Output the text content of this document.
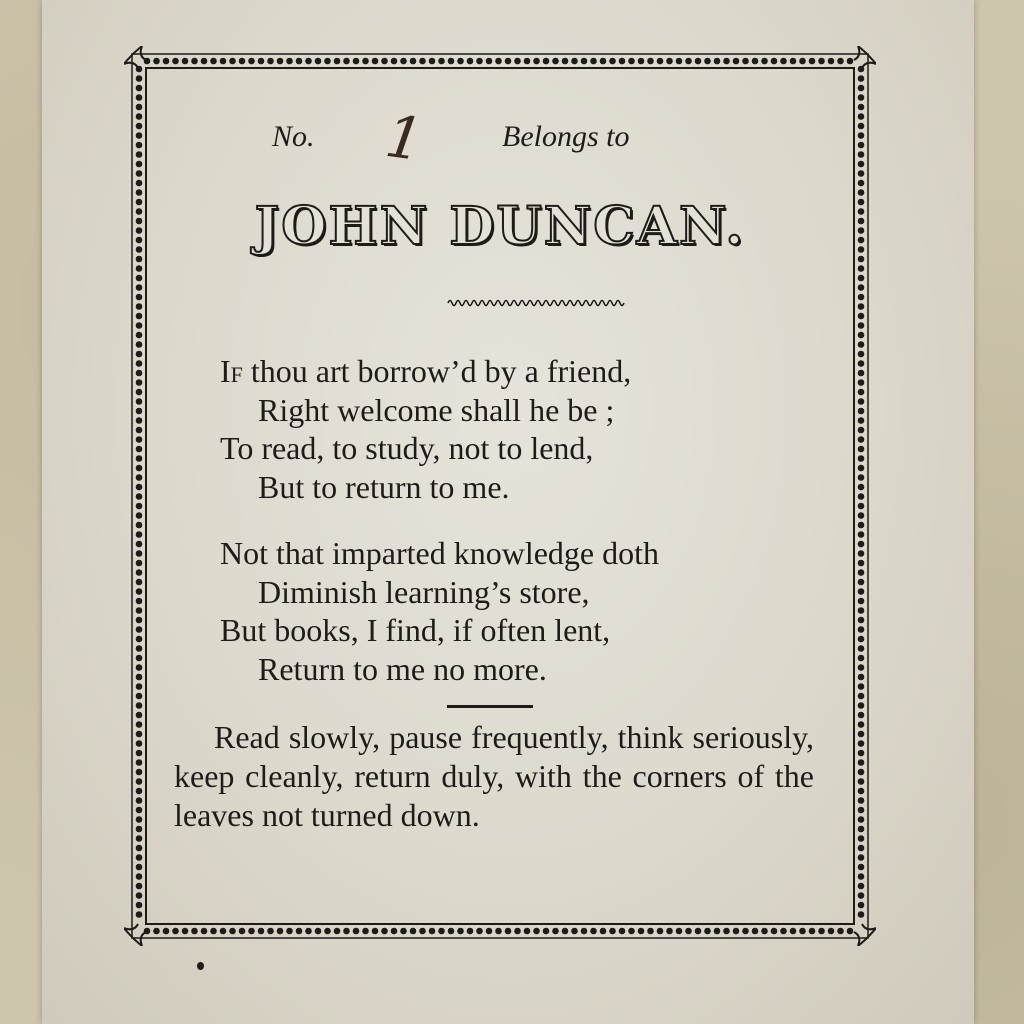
No. 1 Belongs to
JOHN DUNCAN.
If thou art borrow’d by a friend,
Right welcome shall he be ;
To read, to study, not to lend,
But to return to me.
Not that imparted knowledge doth
Diminish learning’s store,
But books, I find, if often lent,
Return to me no more.
Read slowly, pause frequently, think seriously, keep cleanly, return duly, with the corners of the leaves not turned down.
